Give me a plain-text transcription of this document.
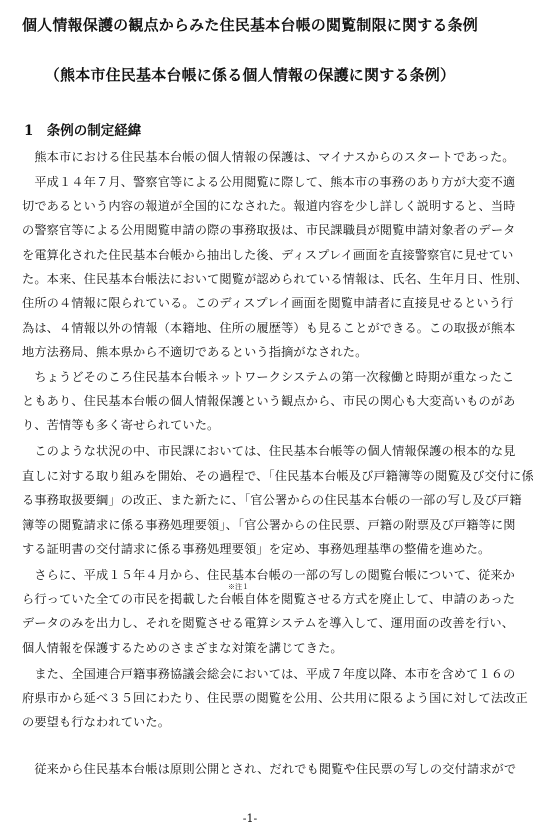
個人情報保護の観点からみた住民基本台帳の閲覧制限に関する条例
（熊本市住民基本台帳に係る個人情報の保護に関する条例）
1 条例の制定経緯
　熊本市における住民基本台帳の個人情報の保護は、マイナスからのスタートであった。
　平成１４年７月、警察官等による公用閲覧に際して、熊本市の事務のあり方が大変不適
切であるという内容の報道が全国的になされた。報道内容を少し詳しく説明すると、当時
の警察官等による公用閲覧申請の際の事務取扱は、市民課職員が閲覧申請対象者のデータ
を電算化された住民基本台帳から抽出した後、ディスプレイ画面を直接警察官に見せてい
た。本来、住民基本台帳法において閲覧が認められている情報は、氏名、生年月日、性別、
住所の４情報に限られている。このディスプレイ画面を閲覧申請者に直接見せるという行
為は、４情報以外の情報（本籍地、住所の履歴等）も見ることができる。この取扱が熊本
地方法務局、熊本県から不適切であるという指摘がなされた。
　ちょうどそのころ住民基本台帳ネットワークシステムの第一次稼働と時期が重なったこ
ともあり、住民基本台帳の個人情報保護という観点から、市民の関心も大変高いものがあ
り、苦情等も多く寄せられていた。
　このような状況の中、市民課においては、住民基本台帳等の個人情報保護の根本的な見
直しに対する取り組みを開始、その過程で、「住民基本台帳及び戸籍簿等の閲覧及び交付に係
る事務取扱要綱」の改正、また新たに、「官公署からの住民基本台帳の一部の写し及び戸籍
簿等の閲覧請求に係る事務処理要領」、「官公署からの住民票、戸籍の附票及び戸籍等に関
する証明書の交付請求に係る事務処理要領」を定め、事務処理基準の整備を進めた。
　さらに、平成１５年４月から、住民基本台帳の一部の写しの閲覧台帳について、従来か
ら行っていた全ての市民を掲載した台帳自体を閲覧させる方式を廃止して、申請のあった
データのみを出力し、それを閲覧させる電算システムを導入して、運用面の改善を行い、
個人情報を保護するためのさまざまな対策を講じてきた。
　また、全国連合戸籍事務協議会総会においては、平成７年度以降、本市を含めて１６の
府県市から延べ３５回にわたり、住民票の閲覧を公用、公共用に限るよう国に対して法改正
の要望も行なわれていた。
　従来から住民基本台帳は原則公開とされ、だれでも閲覧や住民票の写しの交付請求がで
※注１
-1-
